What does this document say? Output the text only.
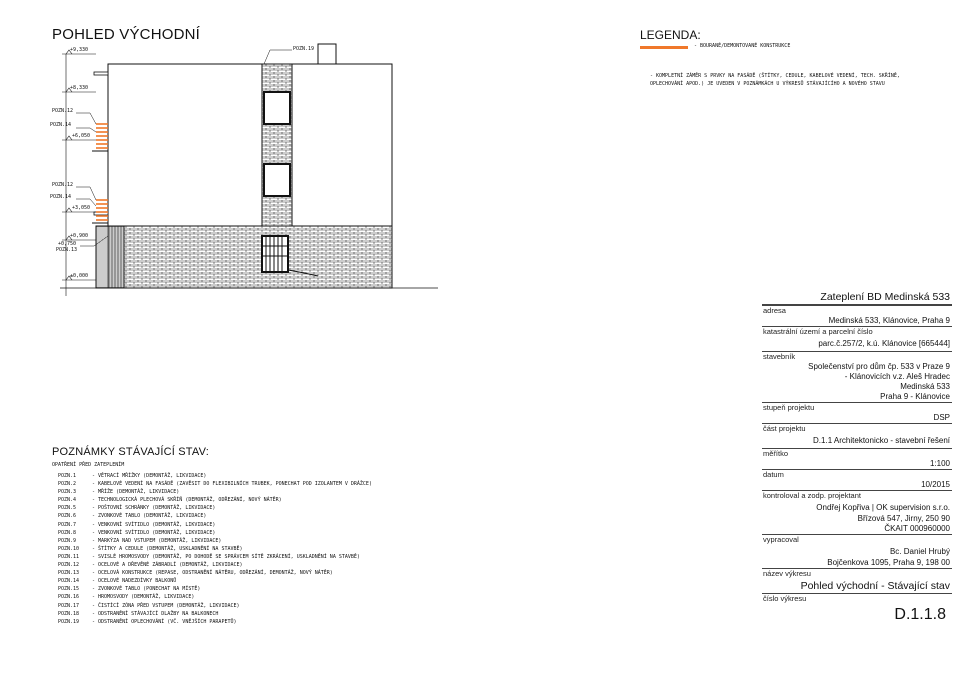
POHLED VÝCHODNÍ
+9,330
+8,330
+6,050
+3,050
+0,900
+0,750
±0,000
POZN.12
POZN.14
POZN.12
POZN.14
POZN.13
POZN.19
LEGENDA:
- BOURANÉ/DEMONTOVANÉ KONSTRUKCE
- KOMPLETNÍ ZÁMĚR S PRVKY NA FASÁDĚ (ŠTÍTKY, CEDULE, KABELOVÉ VEDENÍ, TECH. SKŘÍNĚ, OPLECHOVÁNÍ APOD.) JE UVEDEN V POZNÁMKÁCH U VÝKRESŮ STÁVAJÍCÍHO A NOVÉHO STAVU
POZNÁMKY STÁVAJÍCÍ STAV:
OPATŘENÍ PŘED ZATEPLENÍM
POZN.1	- VĚTRACÍ MŘÍŽKY (DEMONTÁŽ, LIKVIDACE)
POZN.2	- KABELOVÉ VEDENÍ NA FASÁDĚ (ZAVĚSIT DO FLEXIBILNÍCH TRUBEK, PONECHAT POD IZOLANTEM V DRÁŽCE)
POZN.3	- MŘÍŽE (DEMONTÁŽ, LIKVIDACE)
POZN.4	- TECHNOLOGICKÁ PLECHOVÁ SKŘÍŇ (DEMONTÁŽ, ODŘEZÁNÍ, NOVÝ NÁTĚR)
POZN.5	- POŠTOVNÍ SCHRÁNKY (DEMONTÁŽ, LIKVIDACE)
POZN.6	- ZVONKOVÉ TABLO (DEMONTÁŽ, LIKVIDACE)
POZN.7	- VENKOVNÍ SVÍTIDLO (DEMONTÁŽ, LIKVIDACE)
POZN.8	- VENKOVNÍ SVÍTIDLO (DEMONTÁŽ, LIKVIDACE)
POZN.9	- MARKÝZA NAD VSTUPEM (DEMONTÁŽ, LIKVIDACE)
POZN.10	- ŠTÍTKY A CEDULE (DEMONTÁŽ, USKLADNĚNÍ NA STAVBĚ)
POZN.11	- SVISLÉ HROMOSVODY (DEMONTÁŽ, PO DOHODĚ SE SPRÁVCEM SÍTĚ ZKRÁCENÍ, USKLADNĚNÍ NA STAVBĚ)
POZN.12	- OCELOVÉ A DŘEVĚNÉ ZÁBRADLÍ (DEMONTÁŽ, LIKVIDACE)
POZN.13	- OCELOVÁ KONSTRUKCE (REPASE, ODSTRANĚNÍ NÁTĚRU, ODŘEZÁNÍ, DEMONTÁŽ, NOVÝ NÁTĚR)
POZN.14	- OCELOVÉ NADEZDÍVKY BALKONŮ
POZN.15	- ZVONKOVÉ TABLO (PONECHAT NA MÍSTĚ)
POZN.16	- HROMOSVODY (DEMONTÁŽ, LIKVIDACE)
POZN.17	- ČISTÍCÍ ZÓNA PŘED VSTUPEM (DEMONTÁŽ, LIKVIDACE)
POZN.18	- ODSTRANĚNÍ STÁVAJÍCÍ DLAŽBY NA BALKONECH
POZN.19	- ODSTRANĚNÍ OPLECHOVÁNÍ (VČ. VNĚJŠÍCH PARAPETŮ)
Zateplení BD Medinská 533
adresa
Medinská 533, Klánovice, Praha 9
katastrální území a parcelní číslo
parc.č.257/2, k.ú. Klánovice [665444]
stavebník
Společenství pro dům čp. 533 v Praze 9
- Klánovicích v.z. Aleš Hradec
Medinská 533
Praha 9 - Klánovice
stupeň projektu
DSP
část projektu
D.1.1 Architektonicko - stavební řešení
měřítko
1:100
datum
10/2015
kontroloval a zodp. projektant
Ondřej Kopřiva | OK supervision s.r.o.
Břízová 547, Jirny, 250 90
ČKAIT 000960000
vypracoval
Bc. Daniel Hrubý
Bojčenkova 1095, Praha 9, 198 00
název výkresu
Pohled východní - Stávající stav
číslo výkresu
D.1.1.8
